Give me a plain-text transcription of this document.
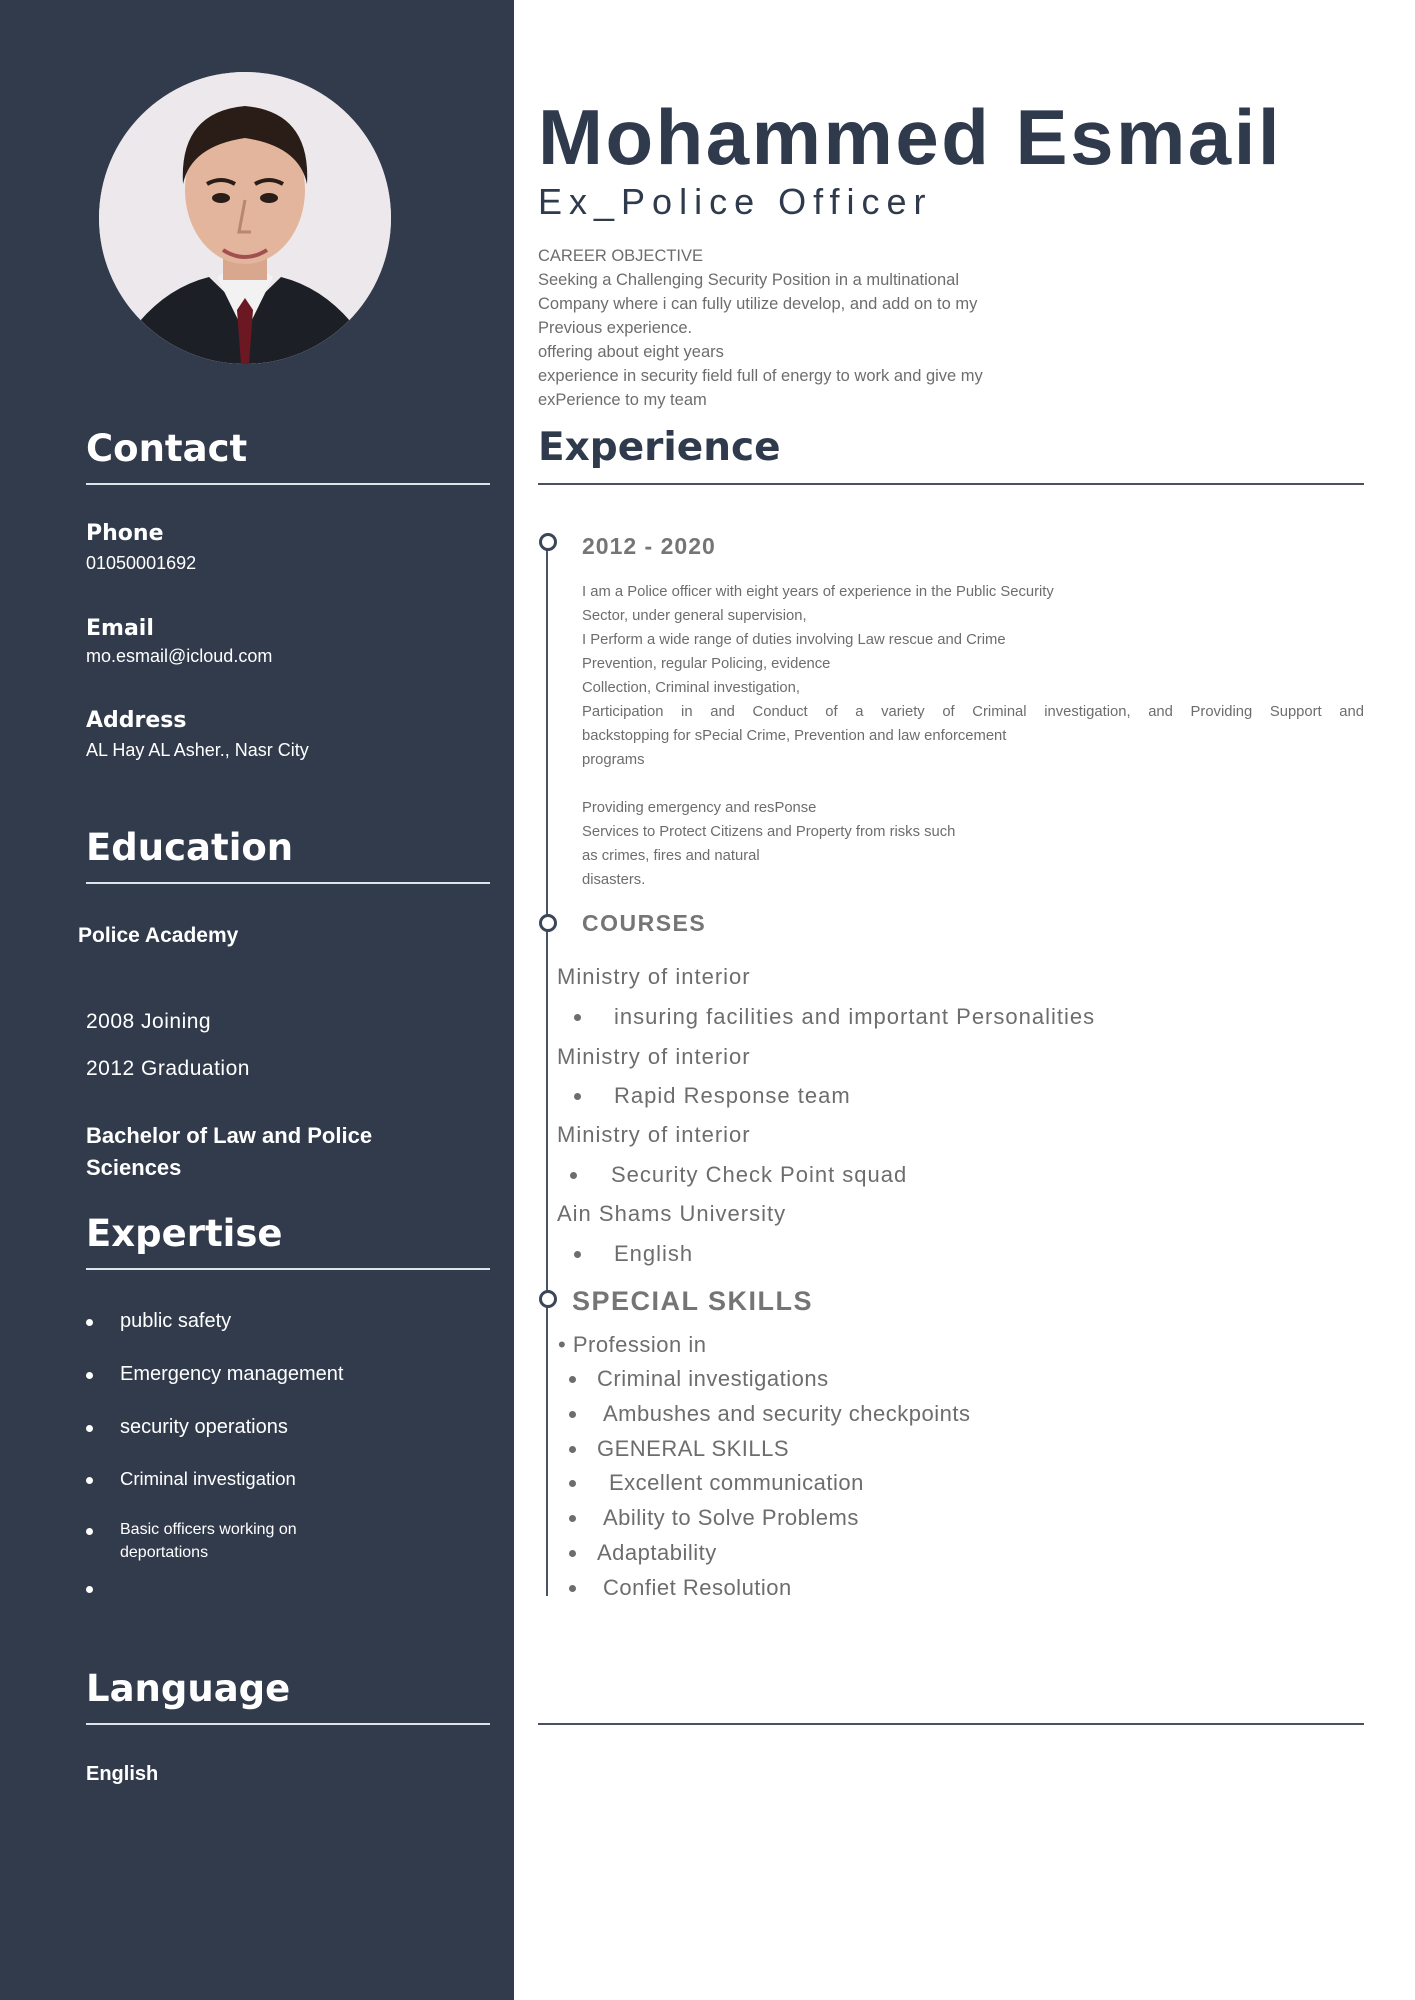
Contact
Phone
01050001692
Email
mo.esmail@icloud.com
Address
AL Hay AL Asher., Nasr City
Education
Police Academy
2008 Joining
2012 Graduation
Bachelor of Law and Police Sciences
Expertise
public safety
Emergency management
security operations
Criminal investigation
Basic officers working on deportations
Language
English
Mohammed Esmail
Ex_Police Officer
CAREER OBJECTIVE
Seeking a Challenging Security Position in a multinational
Company where i can fully utilize develop, and add on to my
Previous experience.
offering about eight years
experience in security field full of energy to work and give my
exPerience to my team
Experience
2012 - 2020
I am a Police officer with eight years of experience in the Public Security
Sector, under general supervision,
I Perform a wide range of duties involving Law rescue and Crime
Prevention, regular Policing, evidence
Collection, Criminal investigation,
Participation in and Conduct of a variety of Criminal investigation, and Providing Support and
backstopping for sPecial Crime, Prevention and law enforcement
programs
Providing emergency and resPonse
Services to Protect Citizens and Property from risks such
as crimes, fires and natural
disasters.
COURSES
Ministry of interior
insuring facilities and important Personalities
Ministry of interior
Rapid Response team
Ministry of interior
Security Check Point squad
Ain Shams University
English
SPECIAL SKILLS
• Profession in
Criminal investigations
Ambushes and security checkpoints
GENERAL SKILLS
Excellent communication
Ability to Solve Problems
Adaptability
Confiet Resolution
